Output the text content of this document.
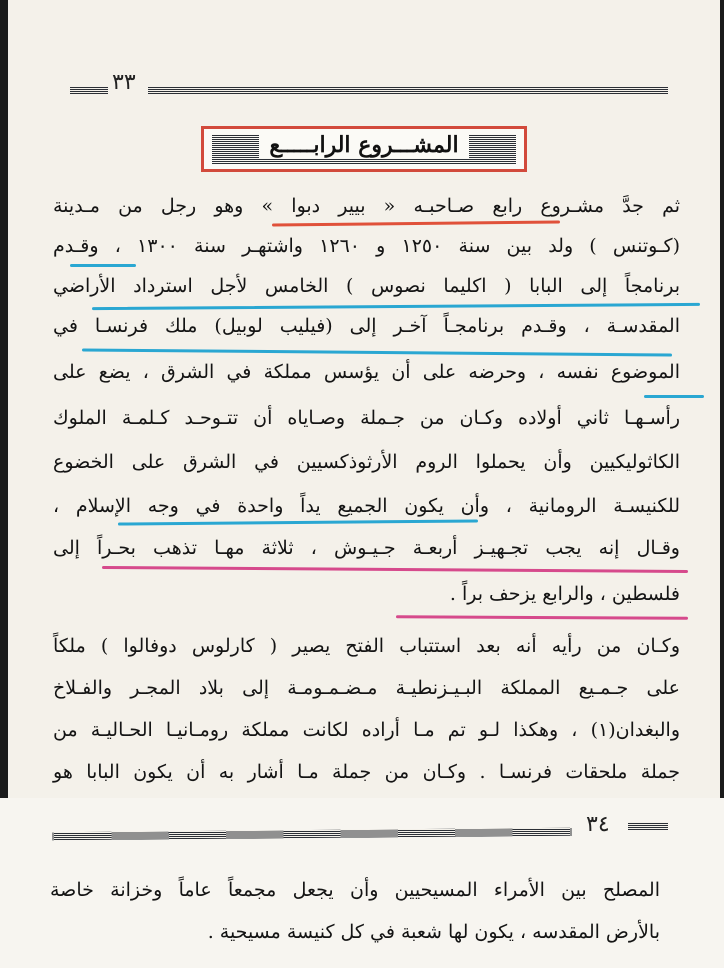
٣٣
المشـــروع الرابـــــع
ثم جدَّ مشـروع رابع صـاحبـه « بيير دبوا » وهو رجل من مـدينة
(كـوتنس ) ولد بين سنة ١٢٥٠ و ١٢٦٠ واشتهـر سنة ١٣٠٠ ، وقـدم
برنامجاً إلى البابا ( اكليما نصوس ) الخامس لأجل استرداد الأراضي
المقدسـة ، وقـدم برنامجـاً آخـر إلى (فيليب لوبيل) ملك فرنسـا في
الموضوع نفسه ، وحرضه على أن يؤسس مملكة في الشرق ، يضع على
رأسـهـا ثاني أولاده وكـان من جـملة وصـاياه أن تتـوحـد كـلمـة الملوك
الكاثوليكيين وأن يحملوا الروم الأرثوذكسيين في الشرق على الخضوع
للكنيسـة الرومانية ، وأن يكون الجميع يداً واحدة في وجه الإسلام ،
وقـال إنه يجب تجـهيـز أربعـة جـيـوش ، ثلاثة مهـا تذهب بحـراً إلى
فلسطين ، والرابع يزحف براً .
وكـان من رأيه أنه بعد استتباب الفتح يصير ( كارلوس دوفالوا ) ملكاً
على جـمـيع المملكة البـيـزنطيـة مـضـمـومـة إلى بلاد المجـر والفـلاخ
والبغدان(١) ، وهكذا لـو تم مـا أراده لكانت مملكة رومـانيـا الحـاليـة من
جملة ملحقات فرنسـا . وكـان من جملة مـا أشار به أن يكون البابا هو
٣٤
المصلح بين الأمراء المسيحيين وأن يجعل مجمعاً عاماً وخزانة خاصة
بالأرض المقدسه ، يكون لها شعبة في كل كنيسة مسيحية .
